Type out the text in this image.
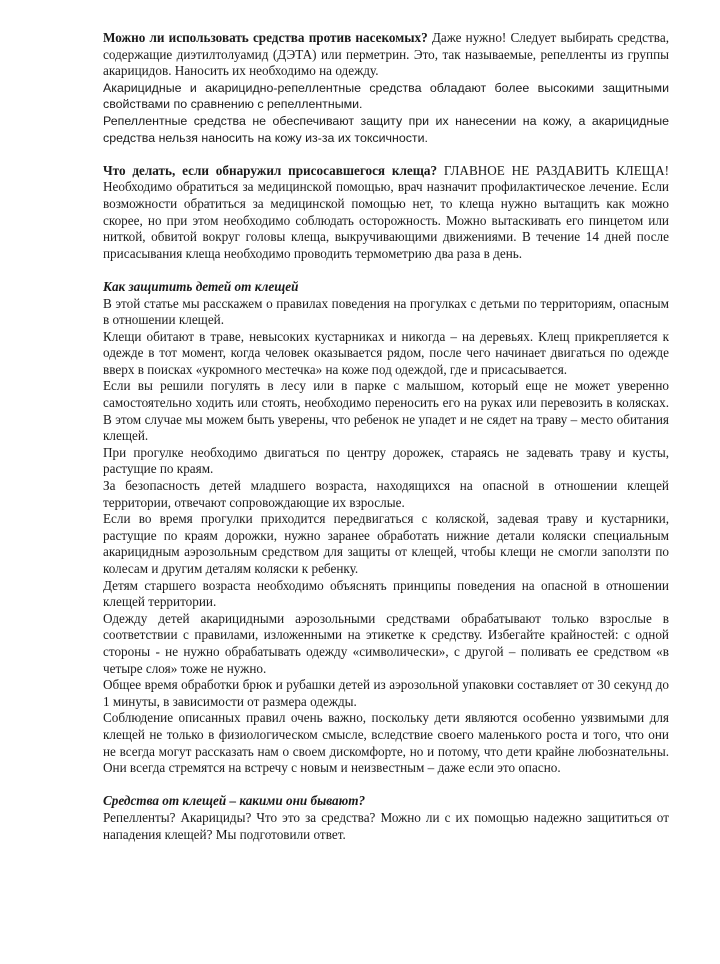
Можно ли использовать средства против насекомых? Даже нужно! Следует выбирать средства, содержащие диэтилтолуамид (ДЭТА) или перметрин. Это, так называемые, репелленты из группы акарицидов. Наносить их необходимо на одежду.

Акарицидные и акарицидно-репеллентные средства обладают более высокими защитными свойствами по сравнению с репеллентными.

Репеллентные средства не обеспечивают защиту при их нанесении на кожу, а акарицидные средства нельзя наносить на кожу из-за их токсичности.

Что делать, если обнаружил присосавшегося клеща? ГЛАВНОЕ НЕ РАЗДАВИТЬ КЛЕЩА! Необходимо обратиться за медицинской помощью, врач назначит профилактическое лечение. Если возможности обратиться за медицинской помощью нет, то клеща нужно вытащить как можно скорее, но при этом необходимо соблюдать осторожность. Можно вытаскивать его пинцетом или ниткой, обвитой вокруг головы клеща, выкручивающими движениями. В течение 14 дней после присасывания клеща необходимо проводить термометрию два раза в день.

Как защитить детей от клещей

В этой статье мы расскажем о правилах поведения на прогулках с детьми по территориям, опасным в отношении клещей.

Клещи обитают в траве, невысоких кустарниках и никогда – на деревьях. Клещ прикрепляется к одежде в тот момент, когда человек оказывается рядом, после чего начинает двигаться по одежде вверх в поисках «укромного местечка» на коже под одеждой, где и присасывается.

Если вы решили погулять в лесу или в парке с малышом, который еще не может уверенно самостоятельно ходить или стоять, необходимо переносить его на руках или перевозить в колясках. В этом случае мы можем быть уверены, что ребенок не упадет и не сядет на траву – место обитания клещей.

При прогулке необходимо двигаться по центру дорожек, стараясь не задевать траву и кусты, растущие по краям.

За безопасность детей младшего возраста, находящихся на опасной в отношении клещей территории, отвечают сопровождающие их взрослые.

Если во время прогулки приходится передвигаться с коляской, задевая траву и кустарники, растущие по краям дорожки, нужно заранее обработать нижние детали коляски специальным акарицидным аэрозольным средством для защиты от клещей, чтобы клещи не смогли заползти по колесам и другим деталям коляски к ребенку.

Детям старшего возраста необходимо объяснять принципы поведения на опасной в отношении клещей территории.

Одежду детей акарицидными аэрозольными средствами обрабатывают только взрослые в соответствии с правилами, изложенными на этикетке к средству. Избегайте крайностей: с одной стороны - не нужно обрабатывать одежду «символически», с другой – поливать ее средством «в четыре слоя» тоже не нужно.

Общее время обработки брюк и рубашки детей из аэрозольной упаковки составляет от 30 секунд до 1 минуты, в зависимости от размера одежды.

Соблюдение описанных правил очень важно, поскольку дети являются особенно уязвимыми для клещей не только в физиологическом смысле, вследствие своего маленького роста и того, что они не всегда могут рассказать нам о своем дискомфорте, но и потому, что дети крайне любознательны. Они всегда стремятся на встречу с новым и неизвестным – даже если это опасно.

Средства от клещей – какими они бывают?

Репелленты? Акарициды? Что это за средства? Можно ли с их помощью надежно защититься от нападения клещей? Мы подготовили ответ.
